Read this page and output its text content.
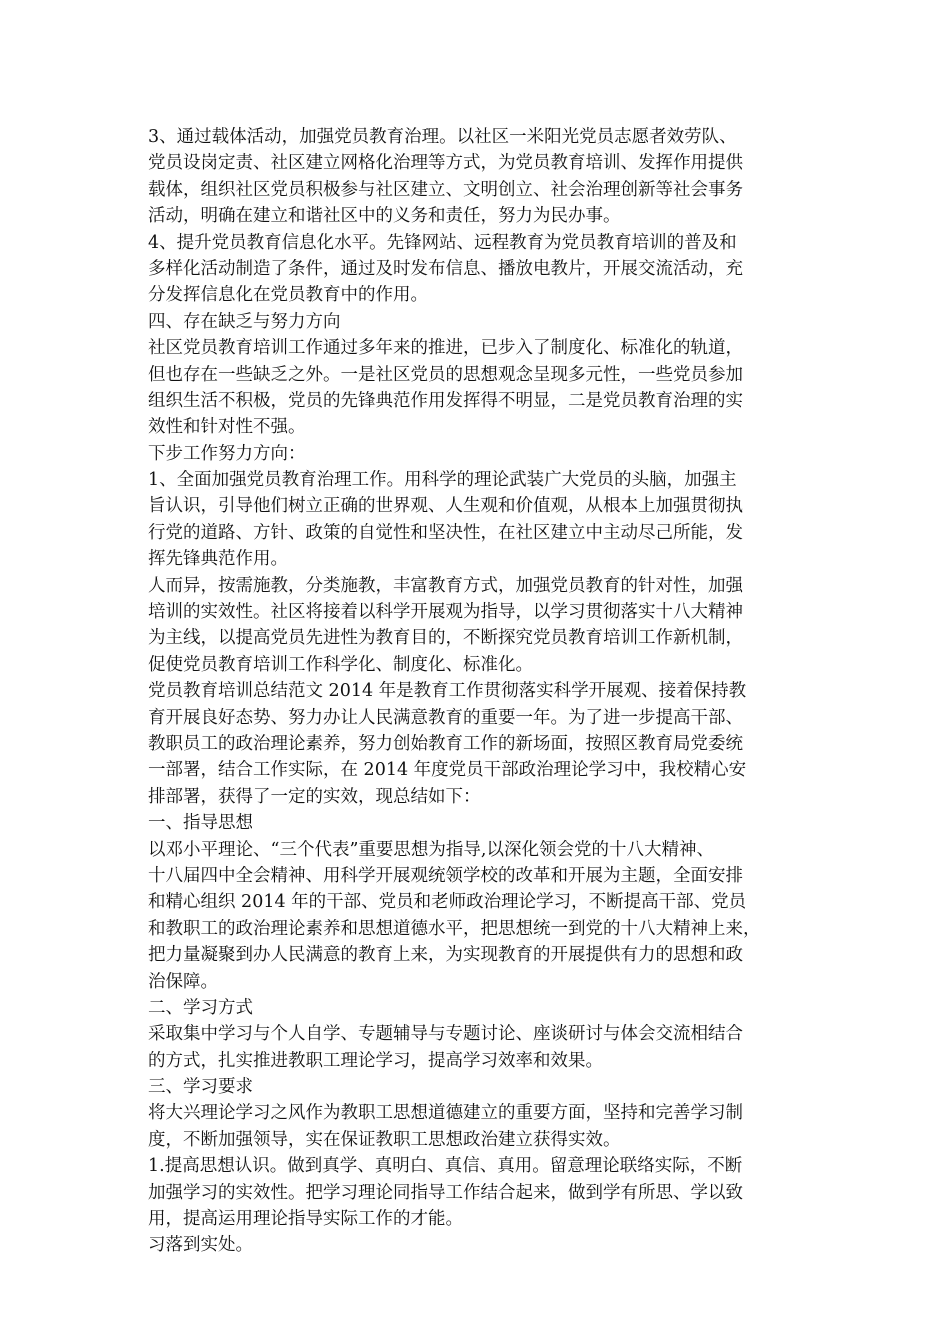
3、通过载体活动，加强党员教育治理。以社区一米阳光党员志愿者效劳队、
党员设岗定责、社区建立网格化治理等方式，为党员教育培训、发挥作用提供
载体，组织社区党员积极参与社区建立、文明创立、社会治理创新等社会事务
活动，明确在建立和谐社区中的义务和责任，努力为民办事。
4、提升党员教育信息化水平。先锋网站、远程教育为党员教育培训的普及和
多样化活动制造了条件，通过及时发布信息、播放电教片，开展交流活动，充
分发挥信息化在党员教育中的作用。
四、存在缺乏与努力方向
社区党员教育培训工作通过多年来的推进，已步入了制度化、标准化的轨道，
但也存在一些缺乏之外。一是社区党员的思想观念呈现多元性，一些党员参加
组织生活不积极，党员的先锋典范作用发挥得不明显，二是党员教育治理的实
效性和针对性不强。
下步工作努力方向：
1、全面加强党员教育治理工作。用科学的理论武装广大党员的头脑，加强主
旨认识，引导他们树立正确的世界观、人生观和价值观，从根本上加强贯彻执
行党的道路、方针、政策的自觉性和坚决性，在社区建立中主动尽己所能，发
挥先锋典范作用。
人而异，按需施教，分类施教，丰富教育方式，加强党员教育的针对性，加强
培训的实效性。社区将接着以科学开展观为指导，以学习贯彻落实十八大精神
为主线，以提高党员先进性为教育目的，不断探究党员教育培训工作新机制，
促使党员教育培训工作科学化、制度化、标准化。
党员教育培训总结范文 2014 年是教育工作贯彻落实科学开展观、接着保持教
育开展良好态势、努力办让人民满意教育的重要一年。为了进一步提高干部、
教职员工的政治理论素养，努力创始教育工作的新场面，按照区教育局党委统
一部署，结合工作实际，在 2014 年度党员干部政治理论学习中，我校精心安
排部署，获得了一定的实效，现总结如下：
一、指导思想
以邓小平理论、“三个代表”重要思想为指导,以深化领会党的十八大精神、
十八届四中全会精神、用科学开展观统领学校的改革和开展为主题，全面安排
和精心组织 2014 年的干部、党员和老师政治理论学习，不断提高干部、党员
和教职工的政治理论素养和思想道德水平，把思想统一到党的十八大精神上来，
把力量凝聚到办人民满意的教育上来，为实现教育的开展提供有力的思想和政
治保障。
二、学习方式
采取集中学习与个人自学、专题辅导与专题讨论、座谈研讨与体会交流相结合
的方式，扎实推进教职工理论学习，提高学习效率和效果。
三、学习要求
将大兴理论学习之风作为教职工思想道德建立的重要方面，坚持和完善学习制
度，不断加强领导，实在保证教职工思想政治建立获得实效。
1.提高思想认识。做到真学、真明白、真信、真用。留意理论联络实际，不断
加强学习的实效性。把学习理论同指导工作结合起来，做到学有所思、学以致
用，提高运用理论指导实际工作的才能。
习落到实处。
